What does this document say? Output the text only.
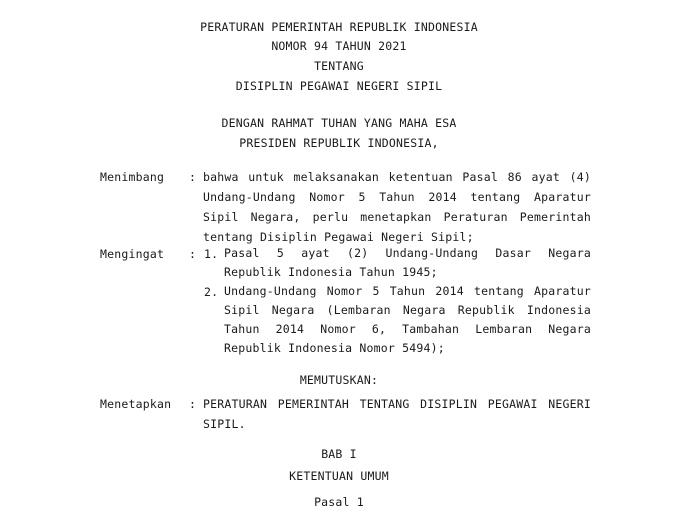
PERATURAN PEMERINTAH REPUBLIK INDONESIA
NOMOR 94 TAHUN 2021
TENTANG
DISIPLIN PEGAWAI NEGERI SIPIL
DENGAN RAHMAT TUHAN YANG MAHA ESA
PRESIDEN REPUBLIK INDONESIA,
Menimbang : bahwa untuk melaksanakan ketentuan Pasal 86 ayat (4) Undang-Undang Nomor 5 Tahun 2014 tentang Aparatur Sipil Negara, perlu menetapkan Peraturan Pemerintah tentang Disiplin Pegawai Negeri Sipil;
Mengingat : 1. Pasal 5 ayat (2) Undang-Undang Dasar Negara Republik Indonesia Tahun 1945;
2. Undang-Undang Nomor 5 Tahun 2014 tentang Aparatur Sipil Negara (Lembaran Negara Republik Indonesia Tahun 2014 Nomor 6, Tambahan Lembaran Negara Republik Indonesia Nomor 5494);
MEMUTUSKAN:
Menetapkan : PERATURAN PEMERINTAH TENTANG DISIPLIN PEGAWAI NEGERI SIPIL.
BAB I
KETENTUAN UMUM
Pasal 1
